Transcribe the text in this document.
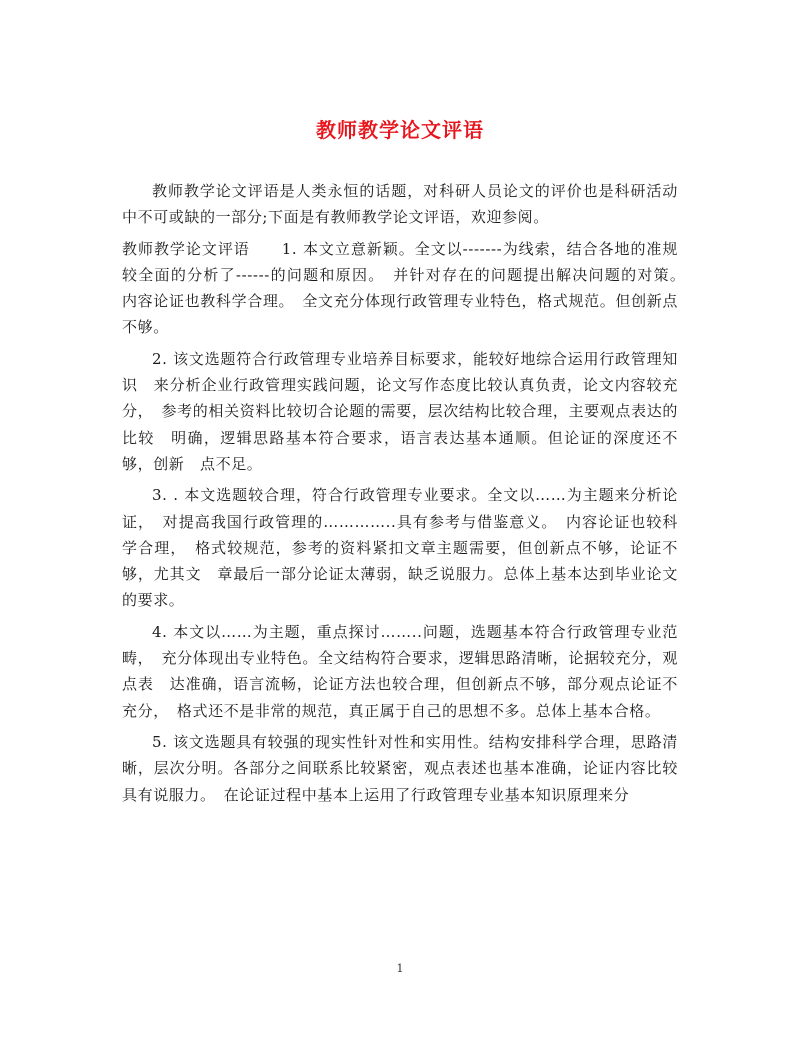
教师教学论文评语

教师教学论文评语是人类永恒的话题，对科研人员论文的评价也是科研活动中不可或缺的一部分;下面是有教师教学论文评语，欢迎参阅。

教师教学论文评语　　1. 本文立意新颖。全文以-------为线索，结合各地的准规较全面的分析了------的问题和原因。　并针对存在的问题提出解决问题的对策。　内容论证也教科学合理。　全文充分体现行政管理专业特色，格式规范。但创新点不够。

2. 该文选题符合行政管理专业培养目标要求，能较好地综合运用行政管理知识　来分析企业行政管理实践问题，论文写作态度比较认真负责，论文内容较充分，　参考的相关资料比较切合论题的需要，层次结构比较合理，主要观点表达的比较　明确，逻辑思路基本符合要求，语言表达基本通顺。但论证的深度还不够，创新　点不足。

3. . 本文选题较合理，符合行政管理专业要求。全文以……为主题来分析论证，　对提高我国行政管理的…………..具有参考与借鉴意义。　内容论证也较科学合理，　格式较规范，参考的资料紧扣文章主题需要，但创新点不够，论证不够，尤其文　章最后一部分论证太薄弱，缺乏说服力。总体上基本达到毕业论文的要求。

4. 本文以……为主题，重点探讨……..问题，选题基本符合行政管理专业范畴，　充分体现出专业特色。全文结构符合要求，逻辑思路清晰，论据较充分，观点表　达准确，语言流畅，论证方法也较合理，但创新点不够，部分观点论证不充分，　格式还不是非常的规范，真正属于自己的思想不多。总体上基本合格。

5. 该文选题具有较强的现实性针对性和实用性。结构安排科学合理，思路清　晰，层次分明。各部分之间联系比较紧密，观点表述也基本准确，论证内容比较　具有说服力。　在论证过程中基本上运用了行政管理专业基本知识原理来分

1
